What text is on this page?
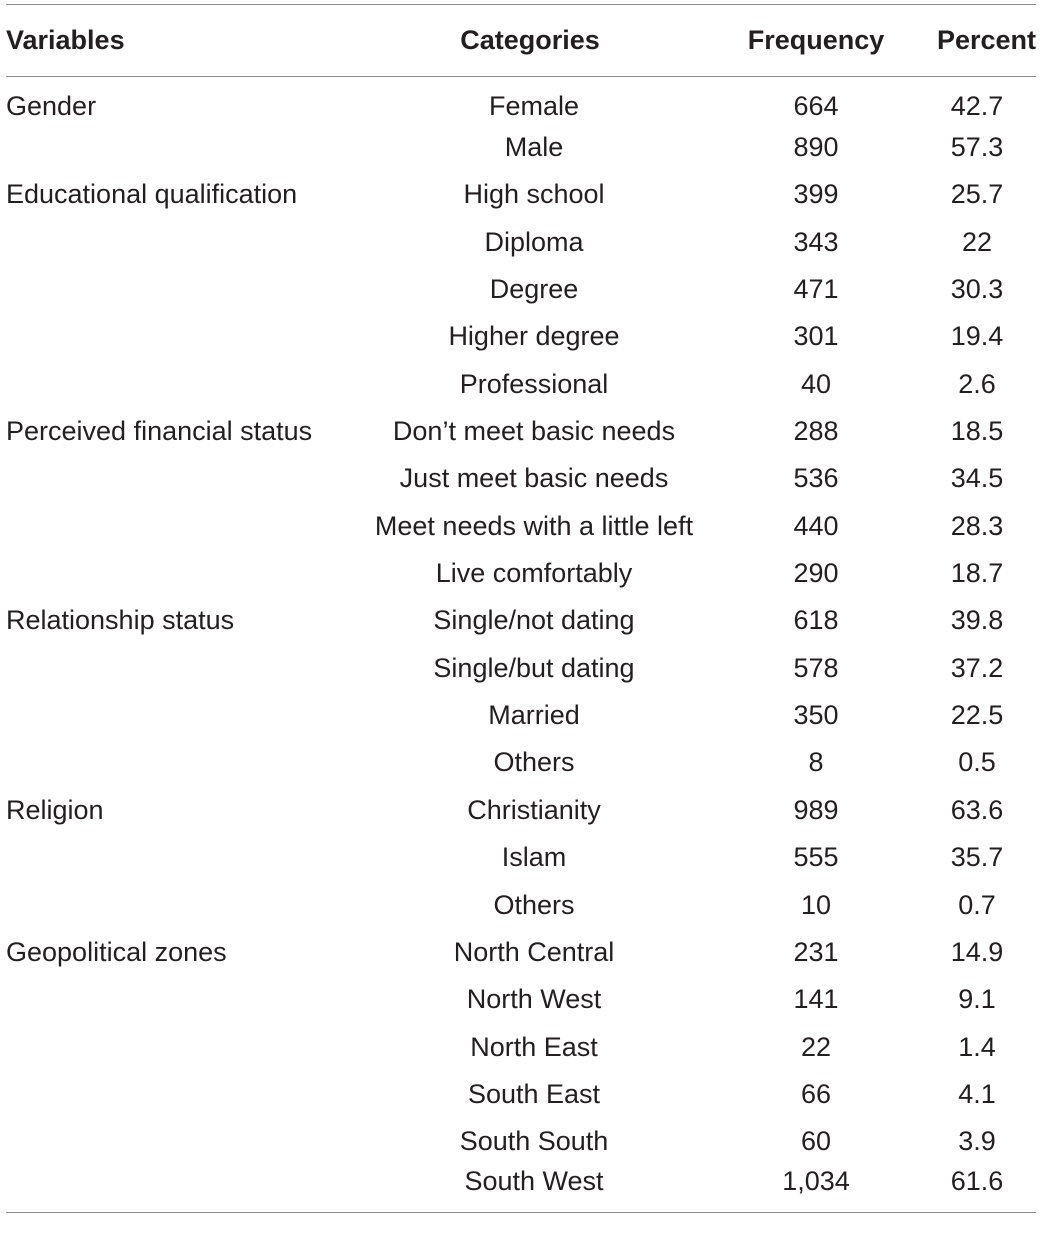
Variables	Categories	Frequency	Percent
Gender	Female	664	42.7
	Male	890	57.3
Educational qualification	High school	399	25.7
	Diploma	343	22
	Degree	471	30.3
	Higher degree	301	19.4
	Professional	40	2.6
Perceived financial status	Don’t meet basic needs	288	18.5
	Just meet basic needs	536	34.5
	Meet needs with a little left	440	28.3
	Live comfortably	290	18.7
Relationship status	Single/not dating	618	39.8
	Single/but dating	578	37.2
	Married	350	22.5
	Others	8	0.5
Religion	Christianity	989	63.6
	Islam	555	35.7
	Others	10	0.7
Geopolitical zones	North Central	231	14.9
	North West	141	9.1
	North East	22	1.4
	South East	66	4.1
	South South	60	3.9
	South West	1,034	61.6
